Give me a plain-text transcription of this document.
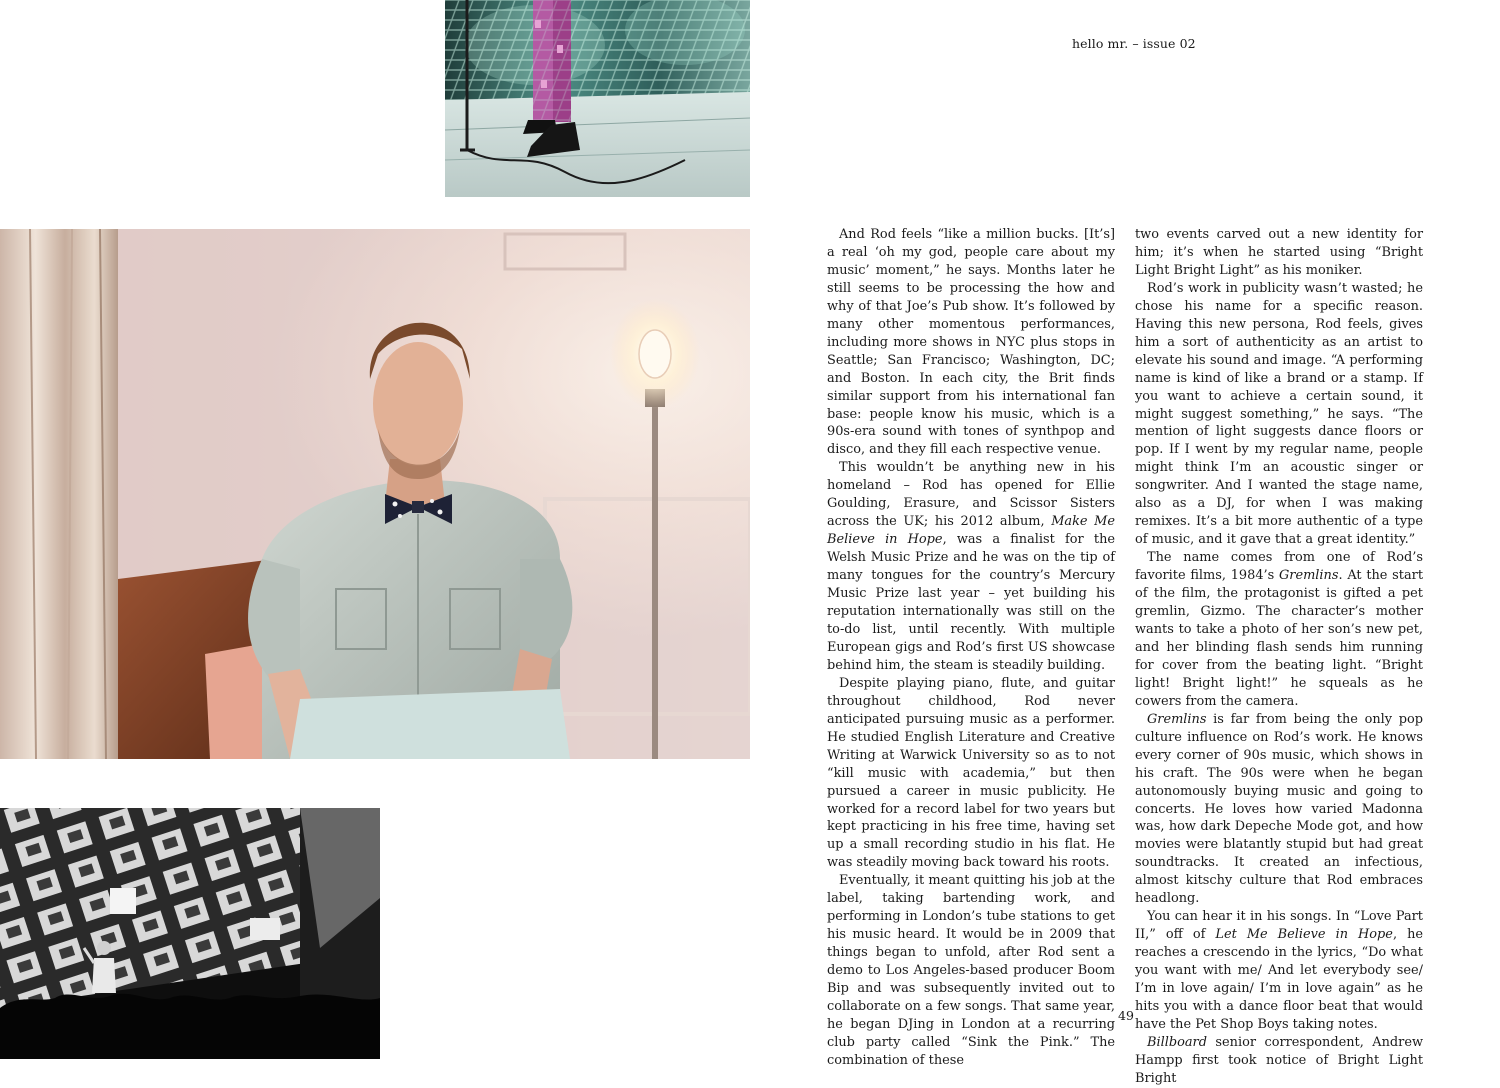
hello mr. – issue 02
49

And Rod feels “like a million bucks. [It’s] a real ‘oh my god, people care about my music’ moment,” he says. Months later he still seems to be processing the how and why of that Joe’s Pub show. It’s followed by many other momentous performances, including more shows in NYC plus stops in Seattle; San Francisco; Washington, DC; and Boston. In each city, the Brit finds similar support from his international fan base: people know his music, which is a 90s-era sound with tones of synthpop and disco, and they fill each respective venue.

This wouldn’t be anything new in his homeland – Rod has opened for Ellie Goulding, Erasure, and Scissor Sisters across the UK; his 2012 album, Make Me Believe in Hope, was a finalist for the Welsh Music Prize and he was on the tip of many tongues for the country’s Mercury Music Prize last year – yet building his reputation internationally was still on the to-do list, until recently. With multiple European gigs and Rod’s first US showcase behind him, the steam is steadily building.

Despite playing piano, flute, and guitar throughout childhood, Rod never anticipated pursuing music as a performer. He studied English Literature and Creative Writing at Warwick University so as to not “kill music with academia,” but then pursued a career in music publicity. He worked for a record label for two years but kept practicing in his free time, having set up a small recording studio in his flat. He was steadily moving back toward his roots.

Eventually, it meant quitting his job at the label, taking bartending work, and performing in London’s tube stations to get his music heard. It would be in 2009 that things began to unfold, after Rod sent a demo to Los Angeles-based producer Boom Bip and was subsequently invited out to collaborate on a few songs. That same year, he began DJing in London at a recurring club party called “Sink the Pink.” The combination of these

two events carved out a new identity for him; it’s when he started using “Bright Light Bright Light” as his moniker.

Rod’s work in publicity wasn’t wasted; he chose his name for a specific reason. Having this new persona, Rod feels, gives him a sort of authenticity as an artist to elevate his sound and image. “A performing name is kind of like a brand or a stamp. If you want to achieve a certain sound, it might suggest something,” he says. “The mention of light suggests dance floors or pop. If I went by my regular name, people might think I’m an acoustic singer or songwriter. And I wanted the stage name, also as a DJ, for when I was making remixes. It’s a bit more authentic of a type of music, and it gave that a great identity.”

The name comes from one of Rod’s favorite films, 1984’s Gremlins. At the start of the film, the protagonist is gifted a pet gremlin, Gizmo. The character’s mother wants to take a photo of her son’s new pet, and her blinding flash sends him running for cover from the beating light. “Bright light! Bright light!” he squeals as he cowers from the camera.

Gremlins is far from being the only pop culture influence on Rod’s work. He knows every corner of 90s music, which shows in his craft. The 90s were when he began autonomously buying music and going to concerts. He loves how varied Madonna was, how dark Depeche Mode got, and how movies were blatantly stupid but had great soundtracks. It created an infectious, almost kitschy culture that Rod embraces headlong.

You can hear it in his songs. In “Love Part II,” off of Let Me Believe in Hope, he reaches a crescendo in the lyrics, “Do what you want with me/ And let everybody see/ I’m in love again/ I’m in love again” as he hits you with a dance floor beat that would have the Pet Shop Boys taking notes.

Billboard senior correspondent, Andrew Hampp first took notice of Bright Light Bright
